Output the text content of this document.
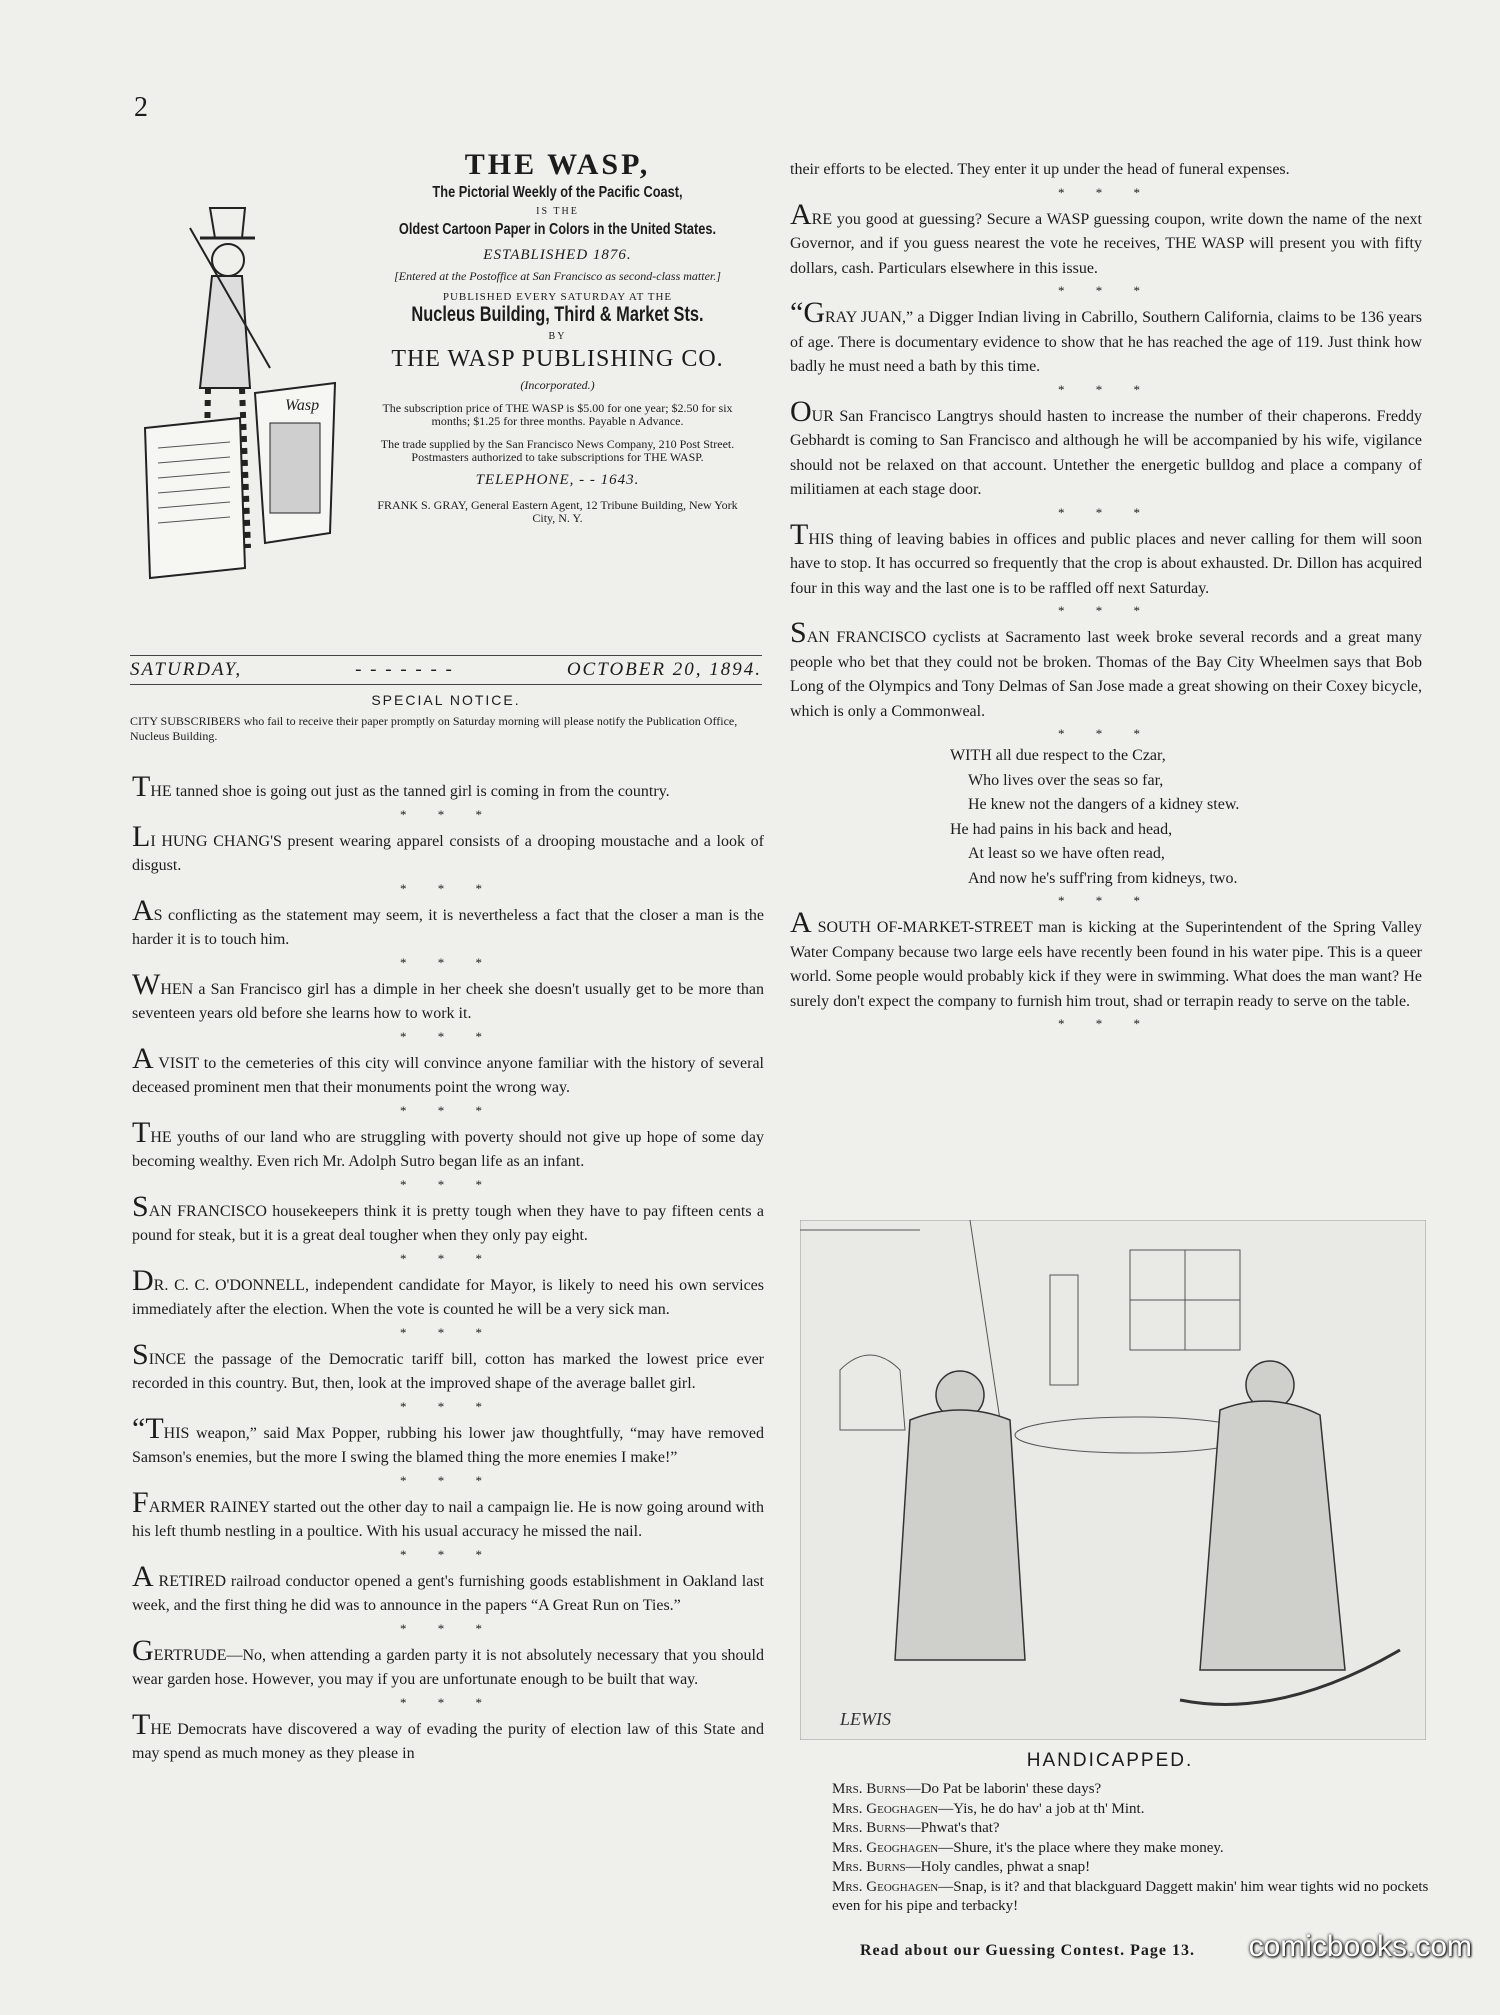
2
Wasp
THE WASP,
The Pictorial Weekly of the Pacific Coast,
IS THE
Oldest Cartoon Paper in Colors in the United States.
ESTABLISHED 1876.
[Entered at the Postoffice at San Francisco as second-class matter.]
PUBLISHED EVERY SATURDAY AT THE
Nucleus Building, Third & Market Sts.
BY
THE WASP PUBLISHING CO.
(Incorporated.)
The subscription price of THE WASP is $5.00 for one year; $2.50 for six months; $1.25 for three months. Payable n Advance.
The trade supplied by the San Francisco News Company, 210 Post Street. Postmasters authorized to take subscriptions for THE WASP.
TELEPHONE, - - 1643.
FRANK S. GRAY, General Eastern Agent, 12 Tribune Building, New York City, N. Y.
SATURDAY,	- - - - - - -	OCTOBER 20, 1894.
SPECIAL NOTICE.
CITY SUBSCRIBERS who fail to receive their paper promptly on Saturday morning will please notify the Publication Office, Nucleus Building.

THE tanned shoe is going out just as the tanned girl is coming in from the country.

* * *

LI HUNG CHANG'S present wearing apparel consists of a drooping moustache and a look of disgust.

* * *

AS conflicting as the statement may seem, it is nevertheless a fact that the closer a man is the harder it is to touch him.

* * *

WHEN a San Francisco girl has a dimple in her cheek she doesn't usually get to be more than seventeen years old before she learns how to work it.

* * *

A VISIT to the cemeteries of this city will convince anyone familiar with the history of several deceased prominent men that their monuments point the wrong way.

* * *

THE youths of our land who are struggling with poverty should not give up hope of some day becoming wealthy. Even rich Mr. Adolph Sutro began life as an infant.

* * *

SAN FRANCISCO housekeepers think it is pretty tough when they have to pay fifteen cents a pound for steak, but it is a great deal tougher when they only pay eight.

* * *

DR. C. C. O'DONNELL, independent candidate for Mayor, is likely to need his own services immediately after the election. When the vote is counted he will be a very sick man.

* * *

SINCE the passage of the Democratic tariff bill, cotton has marked the lowest price ever recorded in this country. But, then, look at the improved shape of the average ballet girl.

* * *

“THIS weapon,” said Max Popper, rubbing his lower jaw thoughtfully, “may have removed Samson's enemies, but the more I swing the blamed thing the more enemies I make!”

* * *

FARMER RAINEY started out the other day to nail a campaign lie. He is now going around with his left thumb nestling in a poultice. With his usual accuracy he missed the nail.

* * *

A RETIRED railroad conductor opened a gent's furnishing goods establishment in Oakland last week, and the first thing he did was to announce in the papers “A Great Run on Ties.”

* * *

GERTRUDE—No, when attending a garden party it is not absolutely necessary that you should wear garden hose. However, you may if you are unfortunate enough to be built that way.

* * *

THE Democrats have discovered a way of evading the purity of election law of this State and may spend as much money as they please in

their efforts to be elected. They enter it up under the head of funeral expenses.

* * *

ARE you good at guessing? Secure a WASP guessing coupon, write down the name of the next Governor, and if you guess nearest the vote he receives, THE WASP will present you with fifty dollars, cash. Particulars elsewhere in this issue.

* * *

“GRAY JUAN,” a Digger Indian living in Cabrillo, Southern California, claims to be 136 years of age. There is documentary evidence to show that he has reached the age of 119. Just think how badly he must need a bath by this time.

* * *

OUR San Francisco Langtrys should hasten to increase the number of their chaperons. Freddy Gebhardt is coming to San Francisco and although he will be accompanied by his wife, vigilance should not be relaxed on that account. Untether the energetic bulldog and place a company of militiamen at each stage door.

* * *

THIS thing of leaving babies in offices and public places and never calling for them will soon have to stop. It has occurred so frequently that the crop is about exhausted. Dr. Dillon has acquired four in this way and the last one is to be raffled off next Saturday.

* * *

SAN FRANCISCO cyclists at Sacramento last week broke several records and a great many people who bet that they could not be broken. Thomas of the Bay City Wheelmen says that Bob Long of the Olympics and Tony Delmas of San Jose made a great showing on their Coxey bicycle, which is only a Commonweal.

* * *
WITH all due respect to the Czar,
Who lives over the seas so far,
He knew not the dangers of a kidney stew.
He had pains in his back and head,
At least so we have often read,
And now he's suff'ring from kidneys, two.
* * *

A SOUTH OF-MARKET-STREET man is kicking at the Superintendent of the Spring Valley Water Company because two large eels have recently been found in his water pipe. This is a queer world. Some people would probably kick if they were in swimming. What does the man want? He surely don't expect the company to furnish him trout, shad or terrapin ready to serve on the table.

* * *
LEWIS
HANDICAPPED.
Mrs. Burns—Do Pat be laborin' these days?
Mrs. Geoghagen—Yis, he do hav' a job at th' Mint.
Mrs. Burns—Phwat's that?
Mrs. Geoghagen—Shure, it's the place where they make money.
Mrs. Burns—Holy candles, phwat a snap!
Mrs. Geoghagen—Snap, is it? and that blackguard Daggett makin' him wear tights wid no pockets even for his pipe and terbacky!
Read about our Guessing Contest. Page 13. comicbooks.com
